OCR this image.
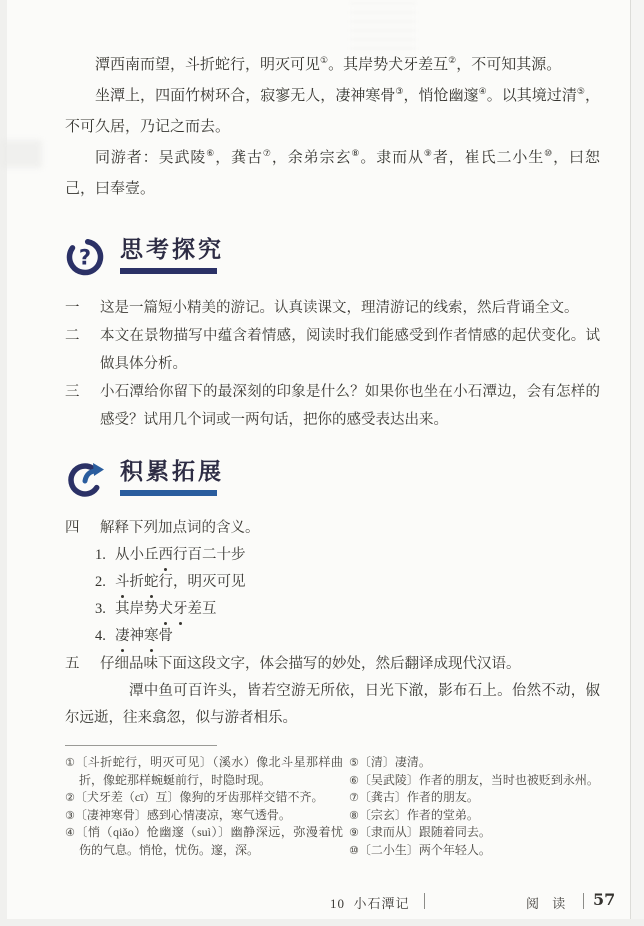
潭西南而望，斗折蛇行，明灭可见①。其岸势犬牙差互②，不可知其源。

坐潭上，四面竹树环合，寂寥无人，凄神寒骨③，悄怆幽邃④。以其境过清⑤，不可久居，乃记之而去。

同游者：吴武陵⑥，龚古⑦，余弟宗玄⑧。隶而从⑨者，崔氏二小生⑩，曰恕己，曰奉壹。

? 思考探究
一 这是一篇短小精美的游记。认真读课文，理清游记的线索，然后背诵全文。
二 本文在景物描写中蕴含着情感，阅读时我们能感受到作者情感的起伏变化。试做具体分析。
三 小石潭给你留下的最深刻的印象是什么？如果你也坐在小石潭边，会有怎样的感受？试用几个词或一两句话，把你的感受表达出来。
积累拓展
四 解释下列加点词的含义。
1. 从小丘西行百二十步
2. 斗折蛇行，明灭可见
3. 其岸势犬牙差互
4. 凄神寒骨
五 仔细品味下面这段文字，体会描写的妙处，然后翻译成现代汉语。

潭中鱼可百许头，皆若空游无所依，日光下澈，影布石上。佁然不动，俶尔远逝，往来翕忽，似与游者相乐。

①〔斗折蛇行，明灭可见〕（溪水）像北斗星那样曲折，像蛇那样蜿蜒前行，时隐时现。
②〔犬牙差（cī）互〕像狗的牙齿那样交错不齐。
③〔凄神寒骨〕感到心情凄凉，寒气透骨。
④〔悄（qiǎo）怆幽邃（suì）〕幽静深远，弥漫着忧伤的气息。悄怆，忧伤。邃，深。
⑤〔清〕凄清。
⑥〔吴武陵〕作者的朋友，当时也被贬到永州。
⑦〔龚古〕作者的朋友。
⑧〔宗玄〕作者的堂弟。
⑨〔隶而从〕跟随着同去。
⑩〔二小生〕两个年轻人。
10 小石潭记	阅 读 57
